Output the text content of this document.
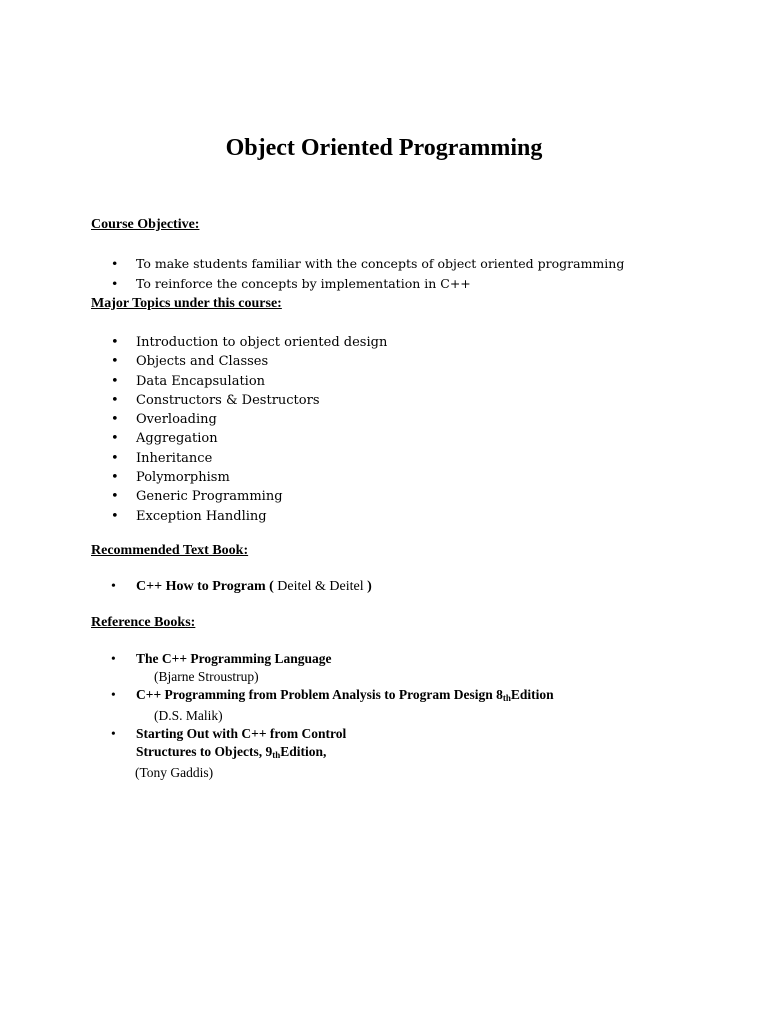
Object Oriented Programming
Course Objective:
• To make students familiar with the concepts of object oriented programming
• To reinforce the concepts by implementation in C++
Major Topics under this course:
• Introduction to object oriented design
• Objects and Classes
• Data Encapsulation
• Constructors & Destructors
• Overloading
• Aggregation
• Inheritance
• Polymorphism
• Generic Programming
• Exception Handling
Recommended Text Book:
• C++ How to Program ( Deitel & Deitel )
Reference Books:
• The C++ Programming Language
(Bjarne Stroustrup)
• C++ Programming from Problem Analysis to Program Design 8thEdition
(D.S. Malik)
• Starting Out with C++ from Control
Structures to Objects, 9thEdition,
(Tony Gaddis)
